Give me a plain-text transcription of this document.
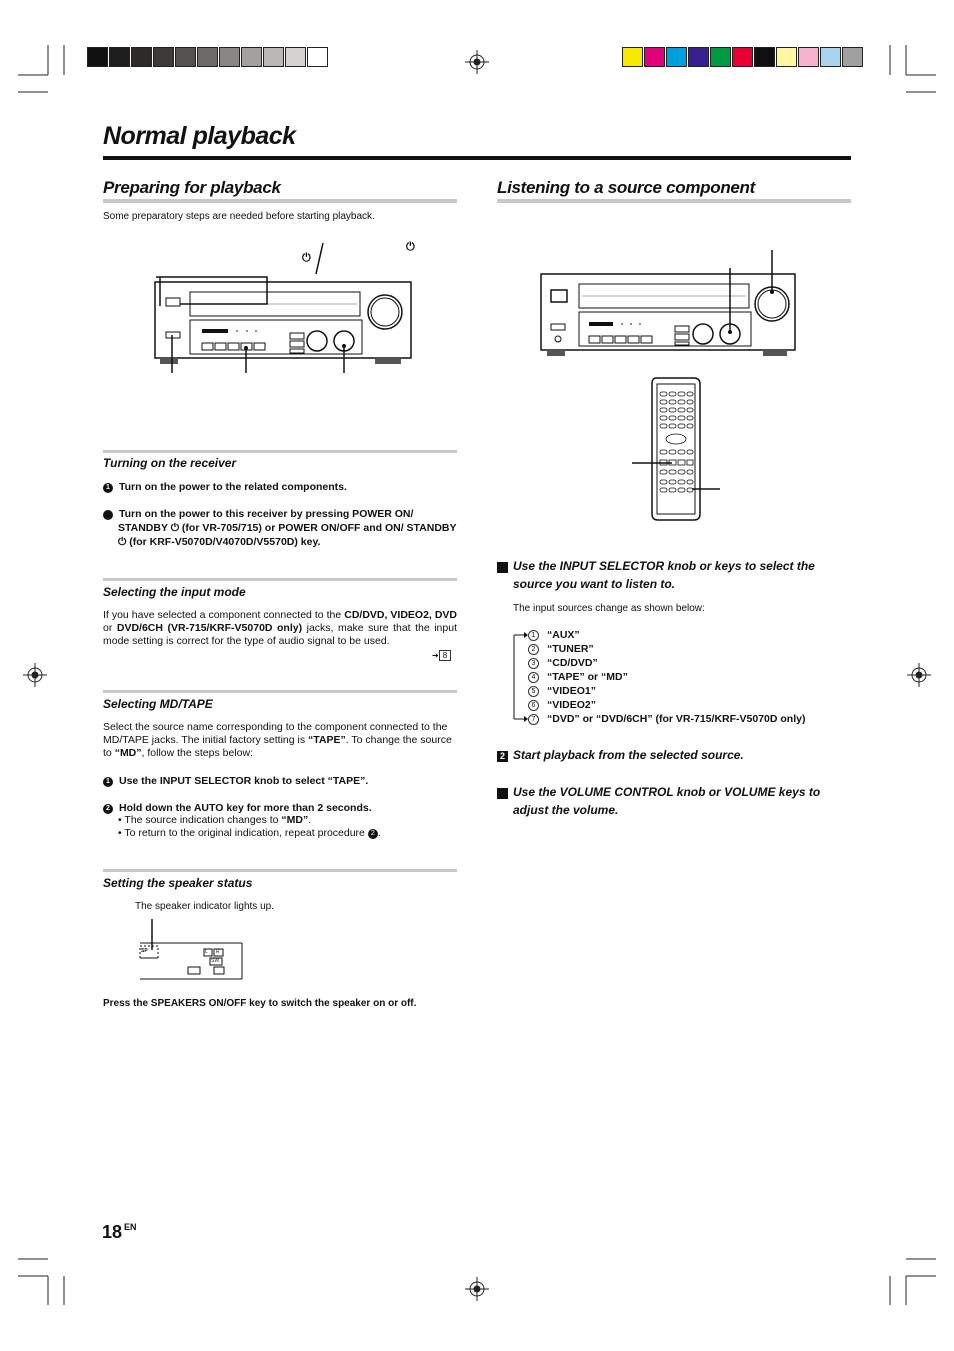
Normal playback
Preparing for playback
Some preparatory steps are needed before starting playback.
⏻
⏻
Turning on the receiver
1 Turn on the power to the related components.
2 Turn on the power to this receiver by pressing POWER ON/ STANDBY ⏻ (for VR-705/715) or POWER ON/OFF and ON/ STANDBY ⏻ (for KRF-V5070D/V4070D/V5570D) key.
Selecting the input mode
If you have selected a component connected to the CD/DVD, VIDEO2, DVD or DVD/6CH (VR-715/KRF-V5070D only) jacks, make sure that the input mode setting is correct for the type of audio signal to be used.
➔ 8
Selecting MD/TAPE
Select the source name corresponding to the component connected to the MD/TAPE jacks. The initial factory setting is “TAPE”. To change the source to “MD”, follow the steps below:
1 Use the INPUT SELECTOR knob to select “TAPE”.
2 Hold down the AUTO key for more than 2 seconds.
• The source indication changes to “MD”.
• To return to the original indication, repeat procedure 2 .
Setting the speaker status
The speaker indicator lights up.
SP	L R
SW
Press the SPEAKERS ON/OFF key to switch the speaker on or off.
Listening to a source component
1 Use the INPUT SELECTOR knob or keys to select the source you want to listen to.
The input sources change as shown below:
1 “AUX”
2 “TUNER”
3 “CD/DVD”
4 “TAPE” or “MD”
5 “VIDEO1”
6 “VIDEO2”
7 “DVD” or “DVD/6CH” (for VR-715/KRF-V5070D only)
2 Start playback from the selected source.
3 Use the VOLUME CONTROL knob or VOLUME keys to adjust the volume.
18 $^{EN}$
